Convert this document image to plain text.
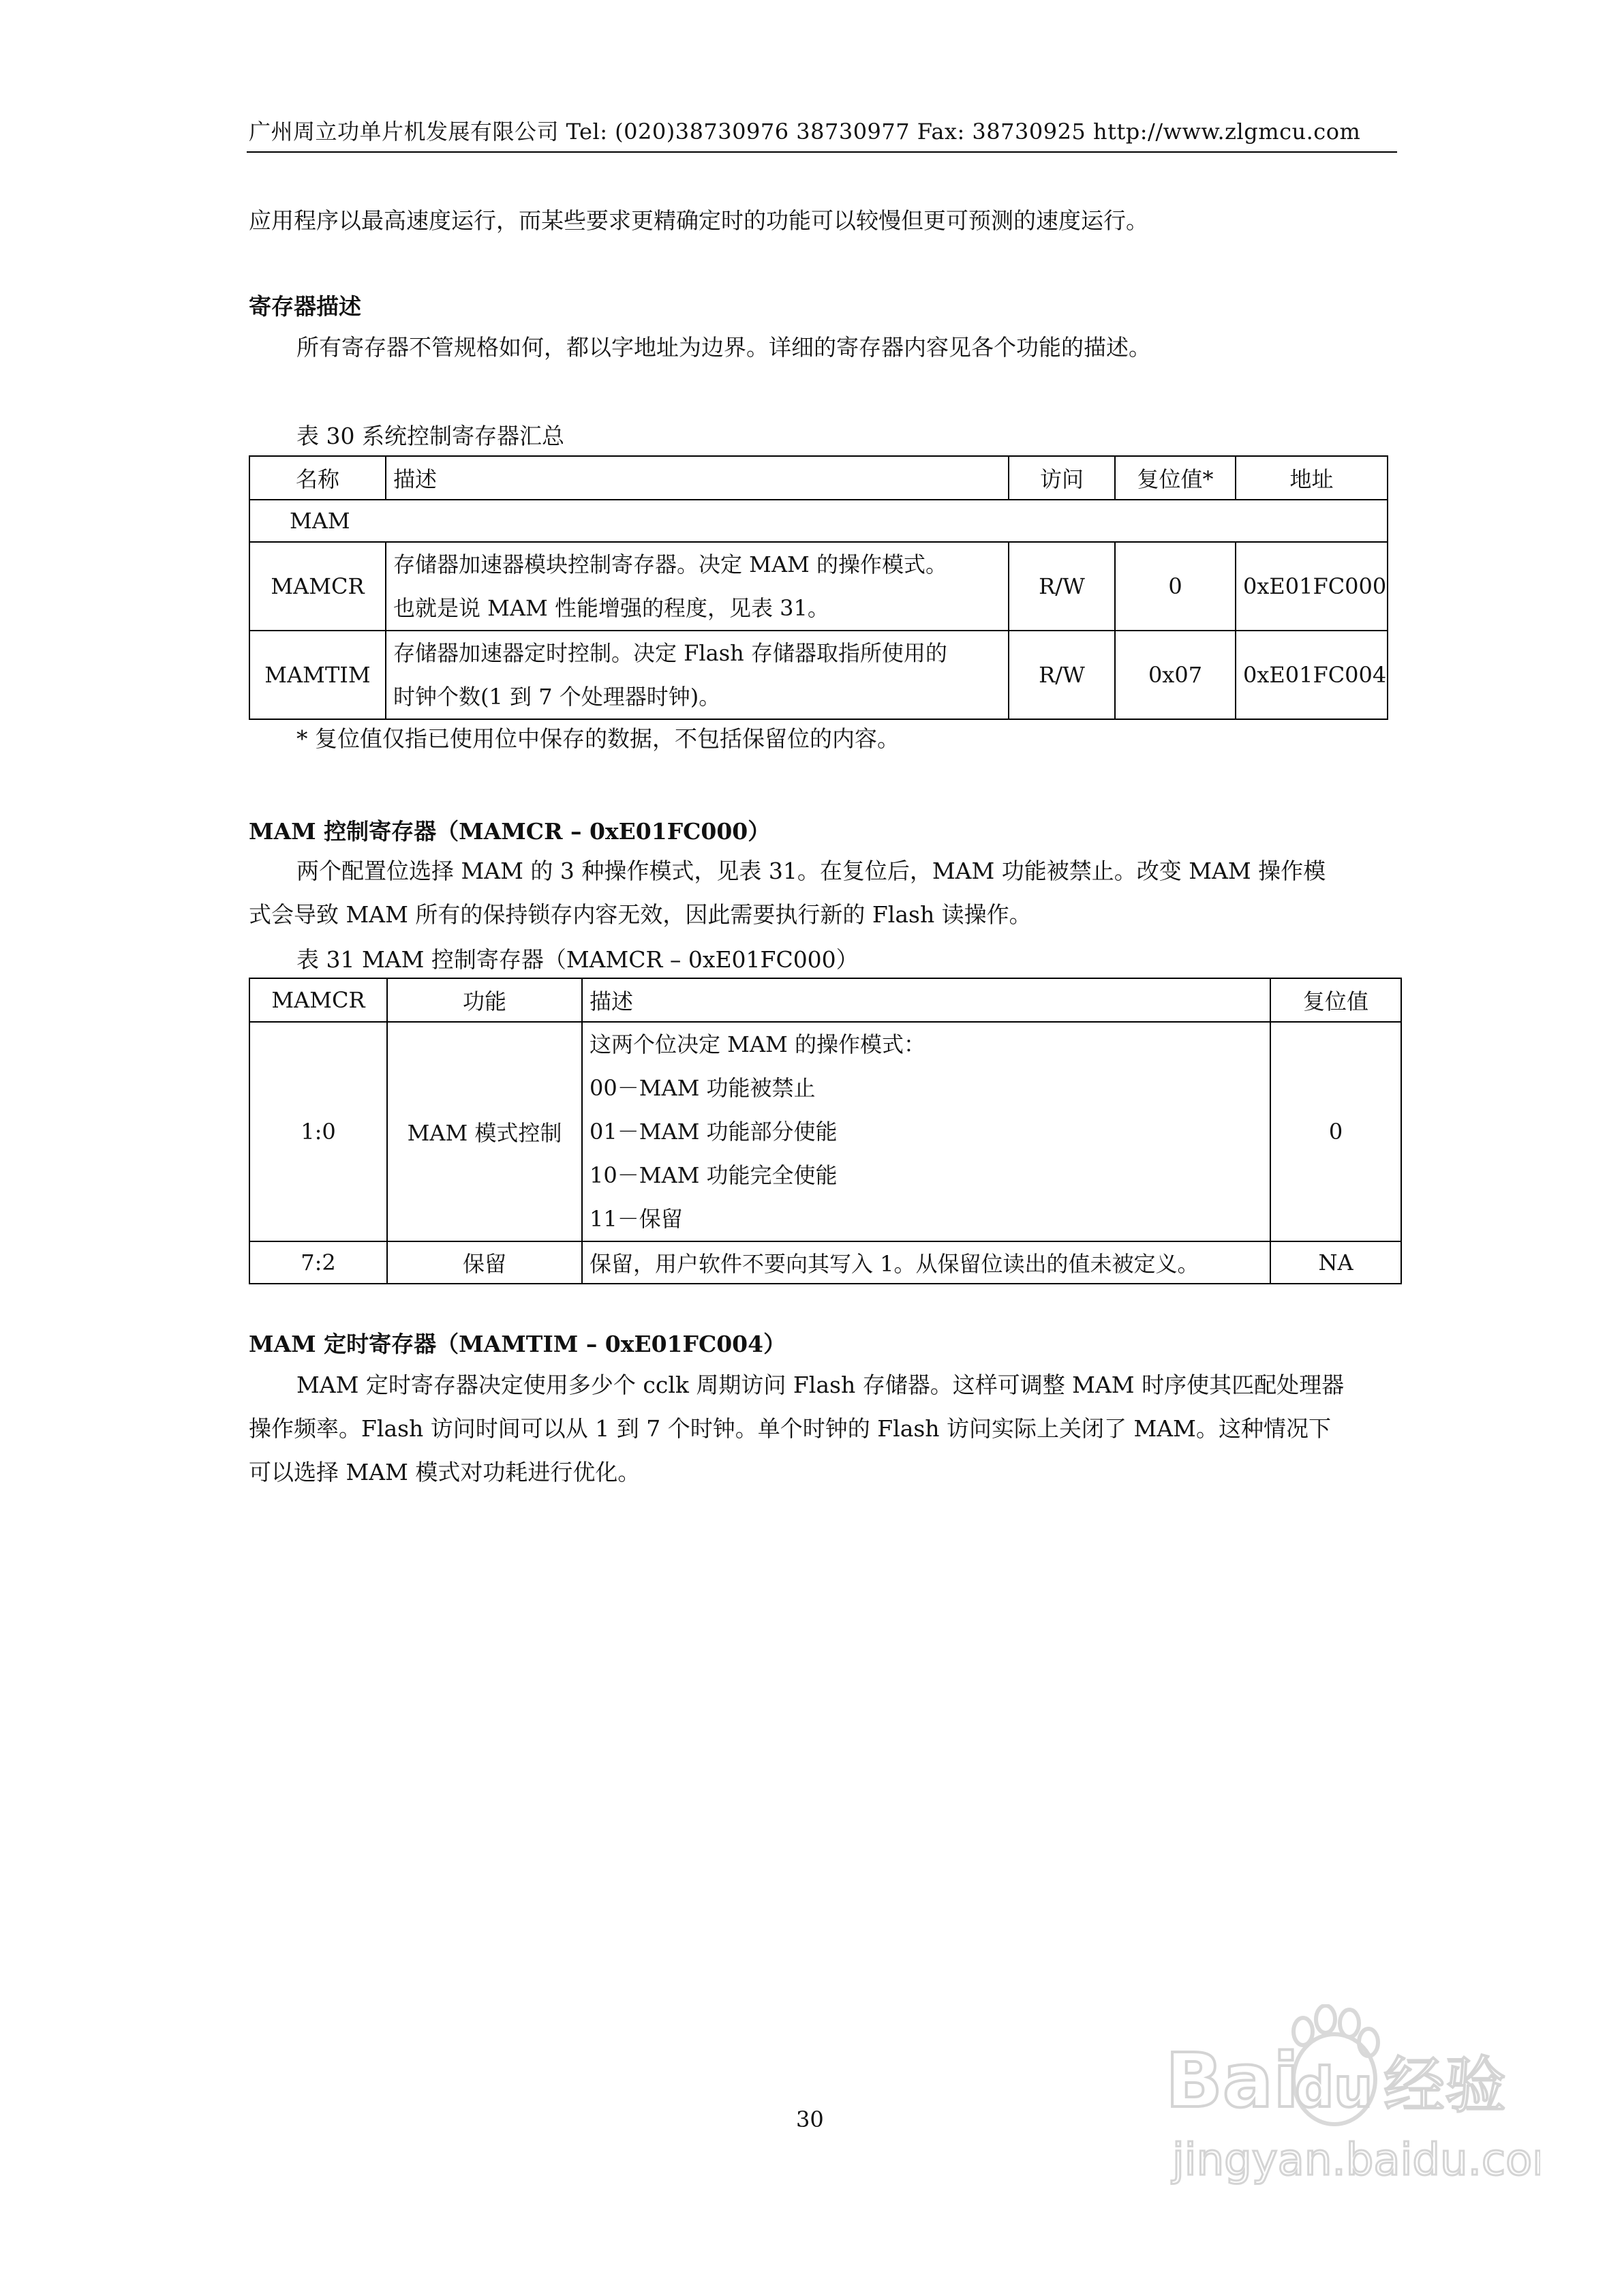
广州周立功单片机发展有限公司 Tel: (020)38730976 38730977 Fax: 38730925 http://www.zlgmcu.com
应用程序以最高速度运行，而某些要求更精确定时的功能可以较慢但更可预测的速度运行。
寄存器描述
所有寄存器不管规格如何，都以字地址为边界。详细的寄存器内容见各个功能的描述。
表 30 系统控制寄存器汇总
名称	描述	访问	复位值*	地址
MAM				
MAMCR	存储器加速器模块控制寄存器。决定 MAM 的操作模式。
也就是说 MAM 性能增强的程度，见表 31。	R/W	0	0xE01FC000
MAMTIM	存储器加速器定时控制。决定 Flash 存储器取指所使用的
时钟个数(1 到 7 个处理器时钟)。	R/W	0x07	0xE01FC004
* 复位值仅指已使用位中保存的数据，不包括保留位的内容。
MAM 控制寄存器（MAMCR – 0xE01FC000）
两个配置位选择 MAM 的 3 种操作模式，见表 31。在复位后，MAM 功能被禁止。改变 MAM 操作模
式会导致 MAM 所有的保持锁存内容无效，因此需要执行新的 Flash 读操作。
表 31 MAM 控制寄存器（MAMCR – 0xE01FC000）
MAMCR	功能	描述	复位值
1:0	MAM 模式控制	这两个位决定 MAM 的操作模式：
00－MAM 功能被禁止
01－MAM 功能部分使能
10－MAM 功能完全使能
11－保留	0
7:2	保留	保留，用户软件不要向其写入 1。从保留位读出的值未被定义。	NA
MAM 定时寄存器（MAMTIM – 0xE01FC004）
MAM 定时寄存器决定使用多少个 cclk 周期访问 Flash 存储器。这样可调整 MAM 时序使其匹配处理器
操作频率。Flash 访问时间可以从 1 到 7 个时钟。单个时钟的 Flash 访问实际上关闭了 MAM。这种情况下
可以选择 MAM 模式对功耗进行优化。
30	Bai
du 经验
jingyan.baidu.com
